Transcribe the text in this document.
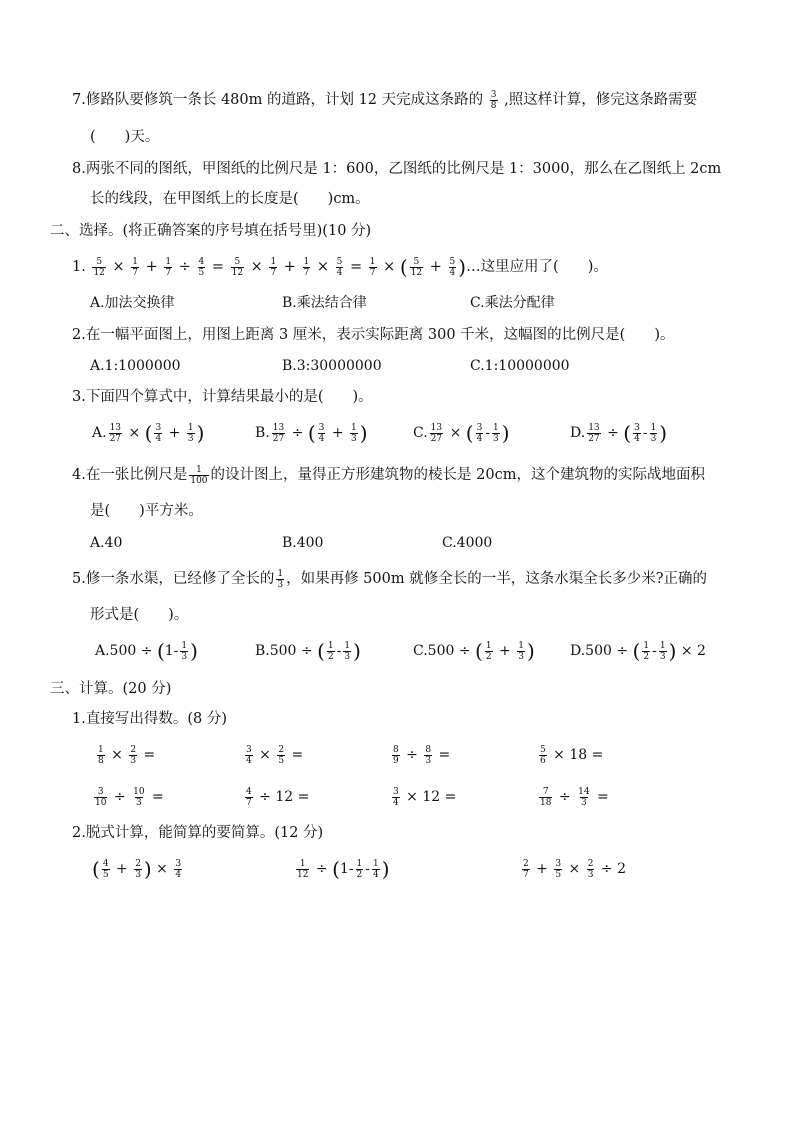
7.修路队要修筑一条长 480m 的道路，计划 12 天完成这条路的 $\frac{3}{8}$ ,照这样计算，修完这条路需要
(　　)天。
8.两张不同的图纸，甲图纸的比例尺是 1：600，乙图纸的比例尺是 1：3000，那么在乙图纸上 2cm
长的线段，在甲图纸上的长度是(　　)cm。
二、选择。(将正确答案的序号填在括号里)(10 分)
1. $\frac{5}{12} \times \frac{1}{7} + \frac{1}{7} \div \frac{4}{5} = \frac{5}{12} \times \frac{1}{7} + \frac{1}{7} \times \frac{5}{4} = \frac{1}{7}$ × ( $\frac{5}{12} + \frac{5}{4}$ )…这里应用了(　　)。
A.加法交换律	B.乘法结合律	C.乘法分配律
2.在一幅平面图上，用图上距离 3 厘米，表示实际距离 300 千米，这幅图的比例尺是(　　)。
A.1:1000000	B.3:30000000	C.1:10000000
3.下面四个算式中，计算结果最小的是(　　)。
A. $\frac{13}{27}$ × ( $\frac{3}{4} + \frac{1}{3}$ )	B. $\frac{13}{27}$ ÷ ( $\frac{3}{4} + \frac{1}{3}$ )	C. $\frac{13}{27}$ × ( $\frac{3}{4} - \frac{1}{3}$ )	D. $\frac{13}{27}$ ÷ ( $\frac{3}{4} - \frac{1}{3}$ )
4.在一张比例尺是 $\frac{1}{100}$ 的设计图上，量得正方形建筑物的棱长是 20cm，这个建筑物的实际战地面积
是(　　)平方米。
A.40	B.400	C.4000
5.修一条水渠，已经修了全长的 $\frac{1}{3}$ ，如果再修 500m 就修全长的一半，这条水渠全长多少米?正确的
形式是(　　)。
$A.500 \div (1- \frac{1}{3}$ )	B.500 ÷ ( $\frac{1}{2} - \frac{1}{3}$ )	C.500 ÷ ( $\frac{1}{2} + \frac{1}{3}$ )	D.500 ÷ ( $\frac{1}{2} - \frac{1}{3}$ ) × 2
三、计算。(20 分)
1.直接写出得数。(8 分)
$\frac{1}{8} \times \frac{2}{3}$ =	$\frac{3}{4} \times \frac{2}{5}$ =	$\frac{8}{9} \div \frac{8}{3}$ =	$\frac{5}{6} \times 18$ =
$\frac{3}{10} \div \frac{10}{3}$ =	$\frac{4}{7} \div 12$ =	$\frac{3}{4} \times 12$ =	$\frac{7}{18} \div \frac{14}{3}$ =
2.脱式计算，能简算的要简算。(12 分)
( $\frac{4}{5} + \frac{2}{3}$ ) × $\frac{3}{4}$	$\frac{1}{12} \div (1- \frac{1}{2} - \frac{1}{4}$ )	$\frac{2}{7} + \frac{3}{5} \times \frac{2}{3} \div 2$
